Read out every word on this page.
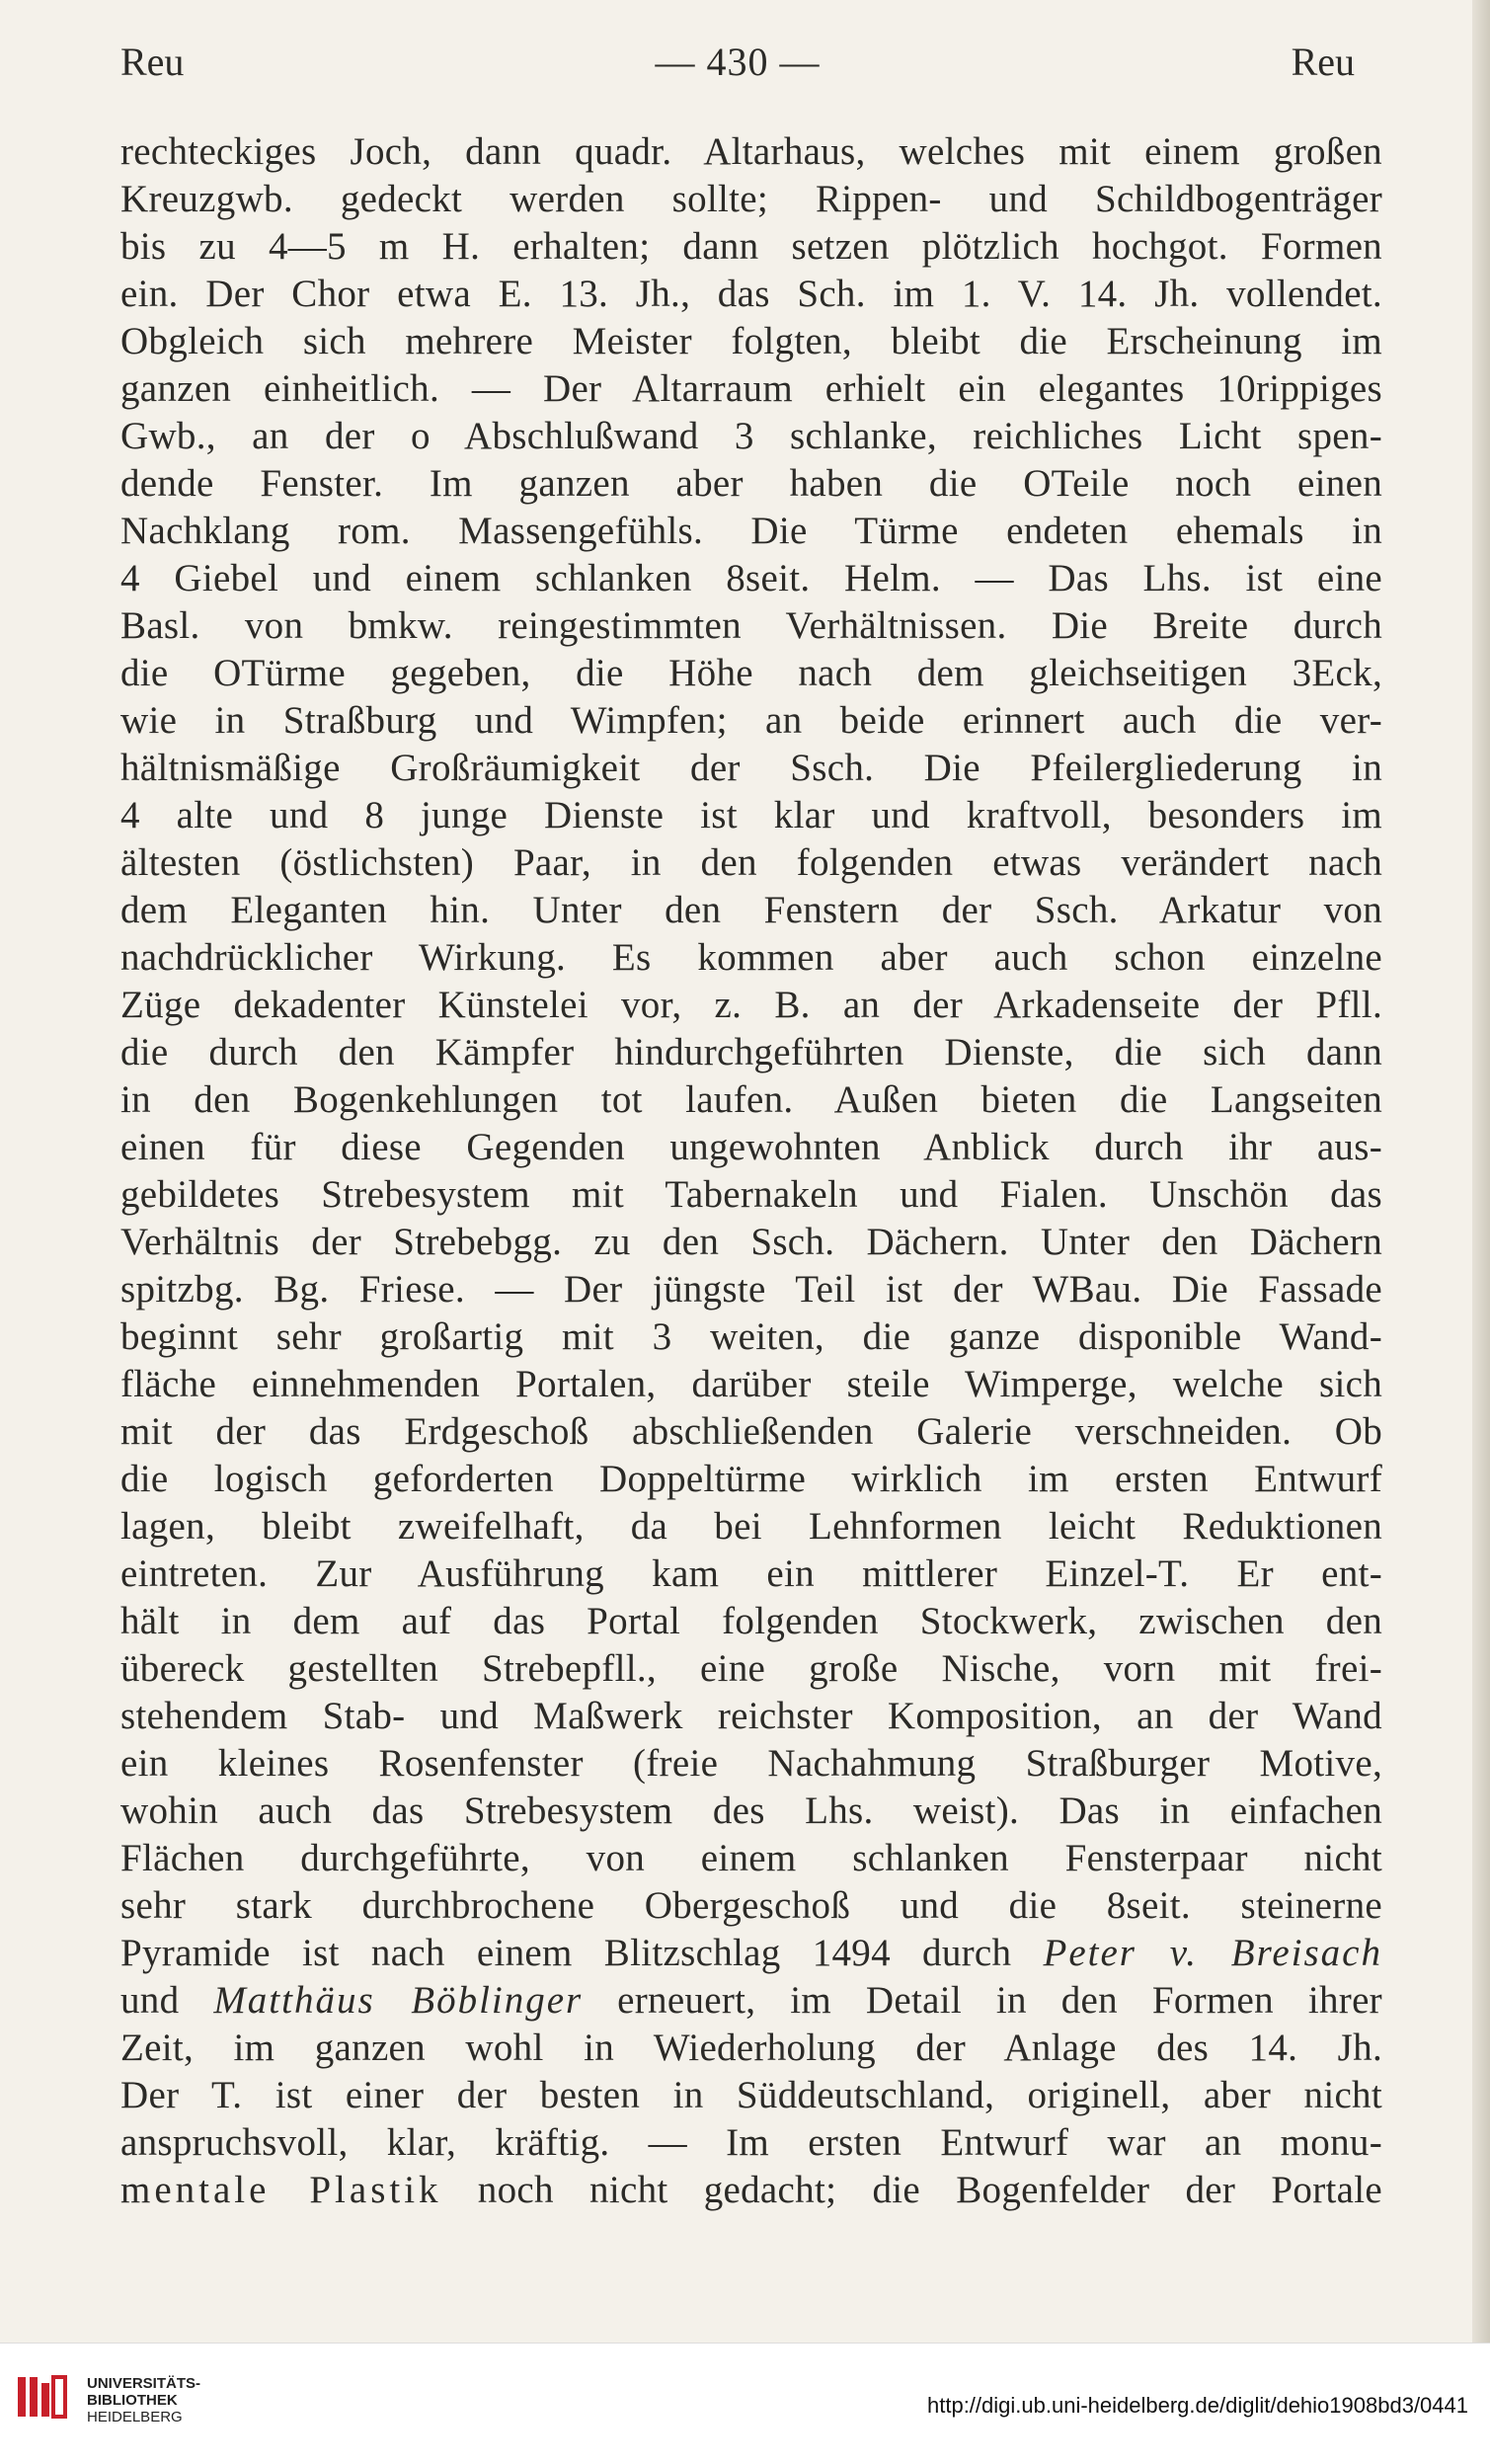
Reu	— 430 —	Reu
rechteckiges Joch, dann quadr. Altarhaus, welches mit einem großen
Kreuzgwb. gedeckt werden sollte; Rippen- und Schildbogenträger
bis zu 4—5 m H. erhalten; dann setzen plötzlich hochgot. Formen
ein. Der Chor etwa E. 13. Jh., das Sch. im 1. V. 14. Jh. vollendet.
Obgleich sich mehrere Meister folgten, bleibt die Erscheinung im
ganzen einheitlich. — Der Altarraum erhielt ein elegantes 10rippiges
Gwb., an der o Abschlußwand 3 schlanke, reichliches Licht spen-
dende Fenster. Im ganzen aber haben die OTeile noch einen
Nachklang rom. Massengefühls. Die Türme endeten ehemals in
4 Giebel und einem schlanken 8seit. Helm. — Das Lhs. ist eine
Basl. von bmkw. reingestimmten Verhältnissen. Die Breite durch
die OTürme gegeben, die Höhe nach dem gleichseitigen 3Eck,
wie in Straßburg und Wimpfen; an beide erinnert auch die ver-
hältnismäßige Großräumigkeit der Ssch. Die Pfeilergliederung in
4 alte und 8 junge Dienste ist klar und kraftvoll, besonders im
ältesten (östlichsten) Paar, in den folgenden etwas verändert nach
dem Eleganten hin. Unter den Fenstern der Ssch. Arkatur von
nachdrücklicher Wirkung. Es kommen aber auch schon einzelne
Züge dekadenter Künstelei vor, z. B. an der Arkadenseite der Pfll.
die durch den Kämpfer hindurchgeführten Dienste, die sich dann
in den Bogenkehlungen tot laufen. Außen bieten die Langseiten
einen für diese Gegenden ungewohnten Anblick durch ihr aus-
gebildetes Strebesystem mit Tabernakeln und Fialen. Unschön das
Verhältnis der Strebebgg. zu den Ssch. Dächern. Unter den Dächern
spitzbg. Bg. Friese. — Der jüngste Teil ist der WBau. Die Fassade
beginnt sehr großartig mit 3 weiten, die ganze disponible Wand-
fläche einnehmenden Portalen, darüber steile Wimperge, welche sich
mit der das Erdgeschoß abschließenden Galerie verschneiden. Ob
die logisch geforderten Doppeltürme wirklich im ersten Entwurf
lagen, bleibt zweifelhaft, da bei Lehnformen leicht Reduktionen
eintreten. Zur Ausführung kam ein mittlerer Einzel-T. Er ent-
hält in dem auf das Portal folgenden Stockwerk, zwischen den
übereck gestellten Strebepfll., eine große Nische, vorn mit frei-
stehendem Stab- und Maßwerk reichster Komposition, an der Wand
ein kleines Rosenfenster (freie Nachahmung Straßburger Motive,
wohin auch das Strebesystem des Lhs. weist). Das in einfachen
Flächen durchgeführte, von einem schlanken Fensterpaar nicht
sehr stark durchbrochene Obergeschoß und die 8seit. steinerne
Pyramide ist nach einem Blitzschlag 1494 durch Peter v. Breisach
und Matthäus Böblinger erneuert, im Detail in den Formen ihrer
Zeit, im ganzen wohl in Wiederholung der Anlage des 14. Jh.
Der T. ist einer der besten in Süddeutschland, originell, aber nicht
anspruchsvoll, klar, kräftig. — Im ersten Entwurf war an monu-
mentale Plastik noch nicht gedacht; die Bogenfelder der Portale
UNIVERSITÄTS-
BIBLIOTHEK
HEIDELBERG	http://digi.ub.uni-heidelberg.de/diglit/dehio1908bd3/0441
